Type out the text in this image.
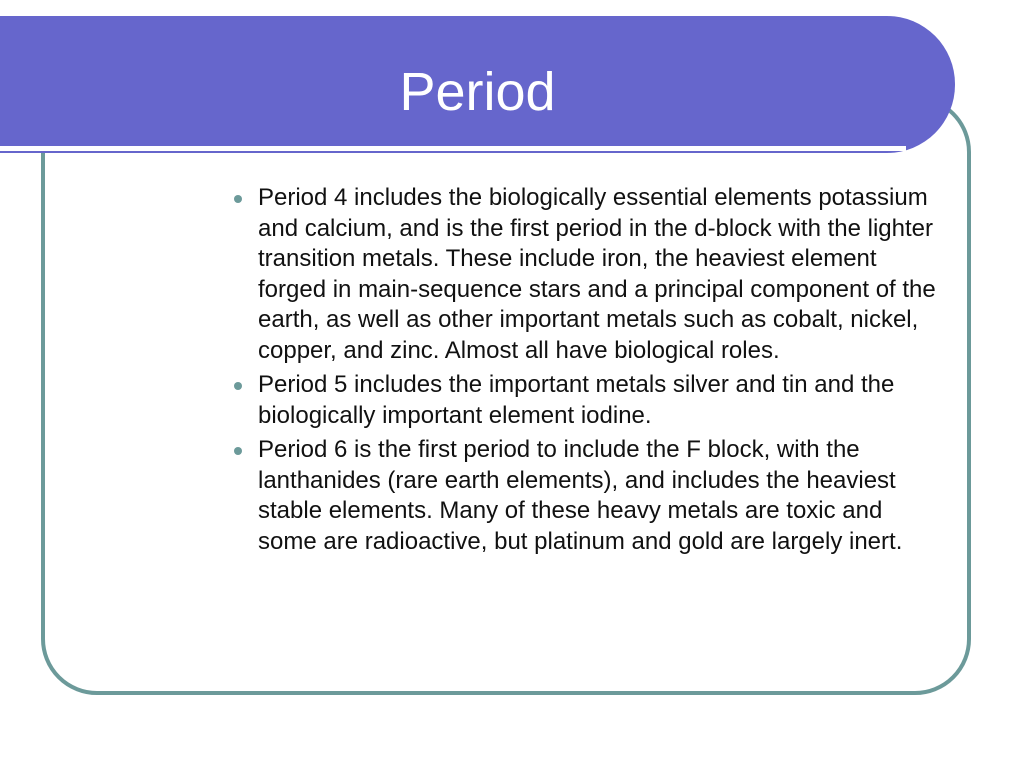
Period
Period 4 includes the biologically essential elements potassium and calcium, and is the first period in the d-block with the lighter transition metals. These include iron, the heaviest element forged in main-sequence stars and a principal component of the earth, as well as other important metals such as cobalt, nickel, copper, and zinc. Almost all have biological roles.
Period 5 includes the important metals silver and tin and the biologically important element iodine.
Period 6 is the first period to include the F block, with the lanthanides (rare earth elements), and includes the heaviest stable elements. Many of these heavy metals are toxic and some are radioactive, but platinum and gold are largely inert.
